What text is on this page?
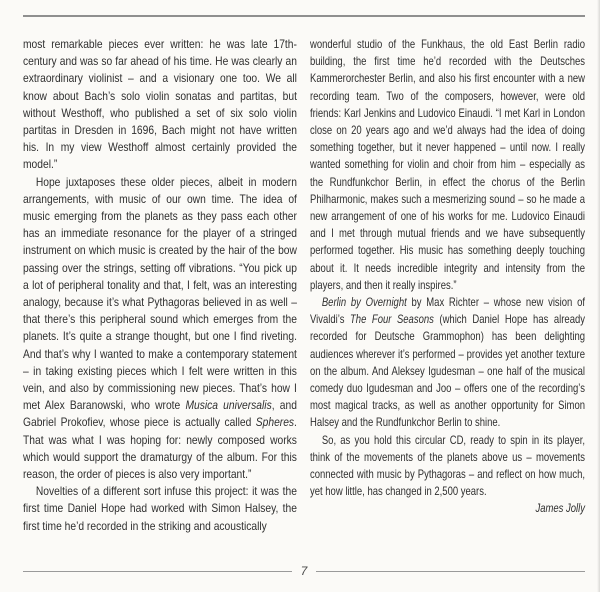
most remarkable pieces ever written: he was late 17th-century and was so far ahead of his time. He was clearly an extraordinary violinist – and a visionary one too. We all know about Bach’s solo violin sonatas and partitas, but without Westhoff, who published a set of six solo violin partitas in Dresden in 1696, Bach might not have written his. In my view Westhoff almost certainly provided the model.”

Hope juxtaposes these older pieces, albeit in modern arrangements, with music of our own time. The idea of music emerging from the planets as they pass each other has an immediate resonance for the player of a stringed instrument on which music is created by the hair of the bow passing over the strings, setting off vibrations. “You pick up a lot of peripheral tonality and that, I felt, was an interesting analogy, because it’s what Pythagoras believed in as well – that there’s this peripheral sound which emerges from the planets. It’s quite a strange thought, but one I find riveting. And that’s why I wanted to make a contemporary statement – in taking existing pieces which I felt were written in this vein, and also by commissioning new pieces. That’s how I met Alex Baranowski, who wrote Musica universalis, and Gabriel Prokofiev, whose piece is actually called Spheres. That was what I was hoping for: newly composed works which would support the dramaturgy of the album. For this reason, the order of pieces is also very important.”

Novelties of a different sort infuse this project: it was the first time Daniel Hope had worked with Simon Halsey, the first time he’d recorded in the striking and acoustically

wonderful studio of the Funkhaus, the old East Berlin radio building, the first time he’d recorded with the Deutsches Kammerorchester Berlin, and also his first encounter with a new recording team. Two of the composers, however, were old friends: Karl Jenkins and Ludovico Einaudi. “I met Karl in London close on 20 years ago and we’d always had the idea of doing something together, but it never happened – until now. I really wanted something for violin and choir from him – especially as the Rundfunkchor Berlin, in effect the chorus of the Berlin Philharmonic, makes such a mesmerizing sound – so he made a new arrangement of one of his works for me. Ludovico Einaudi and I met through mutual friends and we have subsequently performed together. His music has something deeply touching about it. It needs incredible integrity and intensity from the players, and then it really inspires.”

Berlin by Overnight by Max Richter – whose new vision of Vivaldi’s The Four Seasons (which Daniel Hope has already recorded for Deutsche Grammophon) has been delighting audiences wherever it’s performed – provides yet another texture on the album. And Aleksey Igudesman – one half of the musical comedy duo Igudesman and Joo – offers one of the recording’s most magical tracks, as well as another opportunity for Simon Halsey and the Rundfunkchor Berlin to shine.

So, as you hold this circular CD, ready to spin in its player, think of the movements of the planets above us – movements connected with music by Pythagoras – and reflect on how much, yet how little, has changed in 2,500 years.

James Jolly

7
